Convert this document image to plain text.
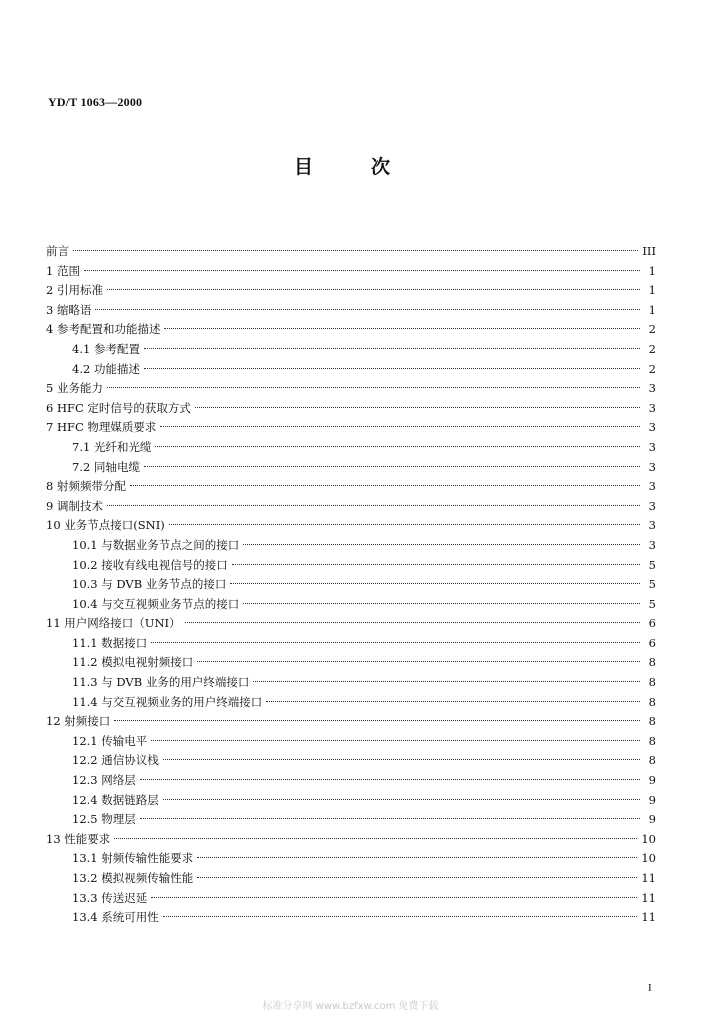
YD/T 1063—2000
目	次
前言	III
1 范围	1
2 引用标准	1
3 缩略语	1
4 参考配置和功能描述	2
4.1 参考配置	2
4.2 功能描述	2
5 业务能力	3
6 HFC 定时信号的获取方式	3
7 HFC 物理媒质要求	3
7.1 光纤和光缆	3
7.2 同轴电缆	3
8 射频频带分配	3
9 调制技术	3
10 业务节点接口(SNI)	3
10.1 与数据业务节点之间的接口	3
10.2 接收有线电视信号的接口	5
10.3 与 DVB 业务节点的接口	5
10.4 与交互视频业务节点的接口	5
11 用户网络接口（UNI）	6
11.1 数据接口	6
11.2 模拟电视射频接口	8
11.3 与 DVB 业务的用户终端接口	8
11.4 与交互视频业务的用户终端接口	8
12 射频接口	8
12.1 传输电平	8
12.2 通信协议栈	8
12.3 网络层	9
12.4 数据链路层	9
12.5 物理层	9
13 性能要求	10
13.1 射频传输性能要求	10
13.2 模拟视频传输性能	11
13.3 传送迟延	11
13.4 系统可用性	11
I
标准分享网 www.bzfxw.com 免费下载
